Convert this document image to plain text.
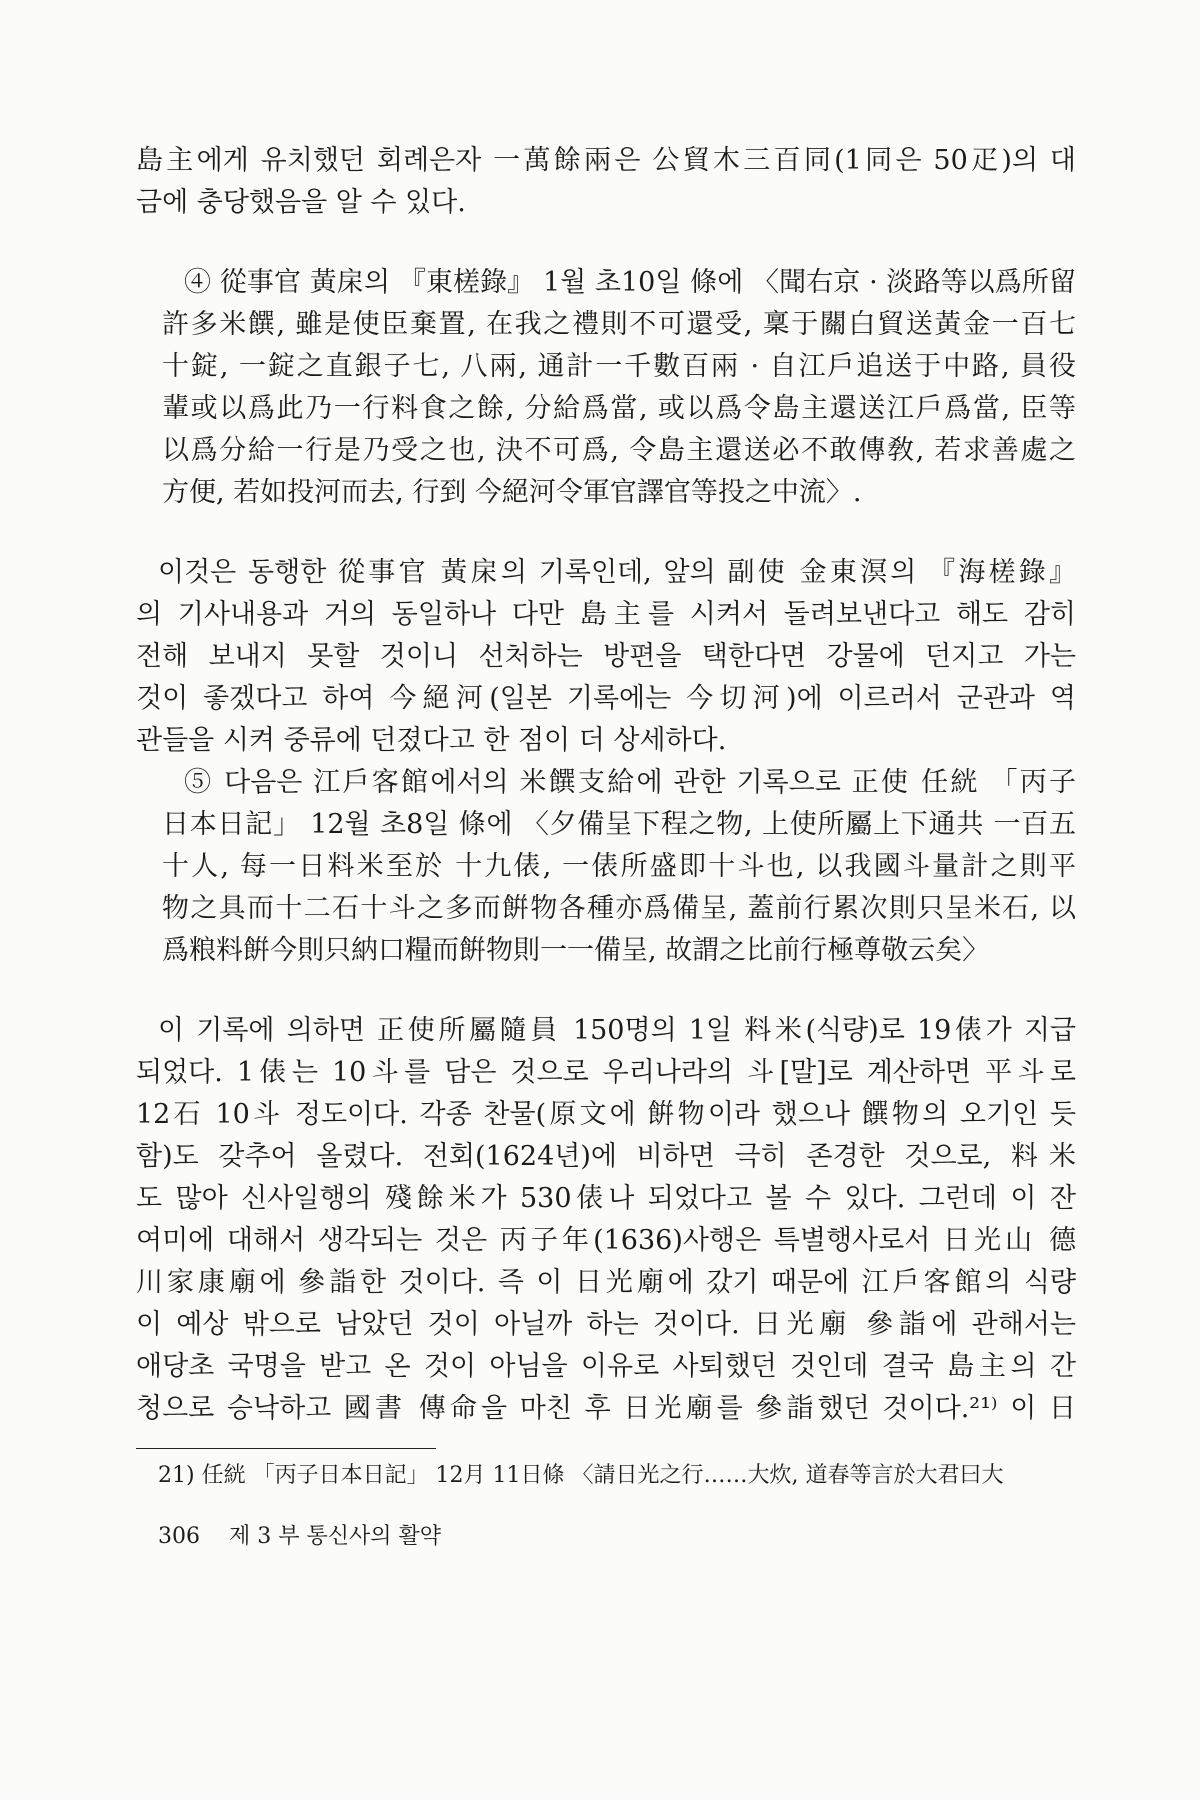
島主에게 유치했던 회례은자 一萬餘兩은 公貿木三百同(1同은 50疋)의 대
금에 충당했음을 알 수 있다.
④ 從事官 黃㦿의 『東槎錄』 1월 초10일 條에 〈聞右京 · 淡路等以爲所留
許多米饌, 雖是使臣棄置, 在我之禮則不可還受, 稟于關白貿送黃金一百七
十錠, 一錠之直銀子七, 八兩, 通計一千數百兩 · 自江戶追送于中路, 員役
輩或以爲此乃一行料食之餘, 分給爲當, 或以爲令島主還送江戶爲當, 臣等
以爲分給一行是乃受之也, 決不可爲, 令島主還送必不敢傳敎, 若求善處之
方便, 若如投河而去, 行到 今絕河令軍官譯官等投之中流〉.
이것은 동행한 從事官 黃㦿의 기록인데, 앞의 副使 金東溟의 『海槎錄』
의 기사내용과 거의 동일하나 다만 島主를 시켜서 돌려보낸다고 해도 감히
전해 보내지 못할 것이니 선처하는 방편을 택한다면 강물에 던지고 가는
것이 좋겠다고 하여 今絕河(일본 기록에는 今切河)에 이르러서 군관과 역
관들을 시켜 중류에 던졌다고 한 점이 더 상세하다.
⑤ 다음은 江戶客館에서의 米饌支給에 관한 기록으로 正使 任絖 「丙子
日本日記」 12월 초8일 條에 〈夕備呈下程之物, 上使所屬上下通共 一百五
十人, 每一日料米至於 十九俵, 一俵所盛即十斗也, 以我國斗量計之則平
物之具而十二石十斗之多而餠物各種亦爲備呈, 蓋前行累次則只呈米石, 以
爲粮料餠今則只納口糧而餠物則一一備呈, 故謂之比前行極尊敬云矣〉
이 기록에 의하면 正使所屬隨員 150명의 1일 料米(식량)로 19俵가 지급
되었다. 1俵는 10斗를 담은 것으로 우리나라의 斗[말]로 계산하면 平斗로
12石 10斗 정도이다. 각종 찬물(原文에 餠物이라 했으나 饌物의 오기인 듯
함)도 갖추어 올렸다. 전회(1624년)에 비하면 극히 존경한 것으로, 料米
도 많아 신사일행의 殘餘米가 530俵나 되었다고 볼 수 있다. 그런데 이 잔
여미에 대해서 생각되는 것은 丙子年(1636)사행은 특별행사로서 日光山 德
川家康廟에 參詣한 것이다. 즉 이 日光廟에 갔기 때문에 江戶客館의 식량
이 예상 밖으로 남았던 것이 아닐까 하는 것이다. 日光廟 參詣에 관해서는
애당초 국명을 받고 온 것이 아님을 이유로 사퇴했던 것인데 결국 島主의 간
청으로 승낙하고 國書 傳命을 마친 후 日光廟를 參詣했던 것이다.²¹⁾ 이 日
21) 任絖 「丙子日本日記」 12月 11日條 〈請日光之行……大炊, 道春等言於大君曰大
306 제 3 부 통신사의 활약
